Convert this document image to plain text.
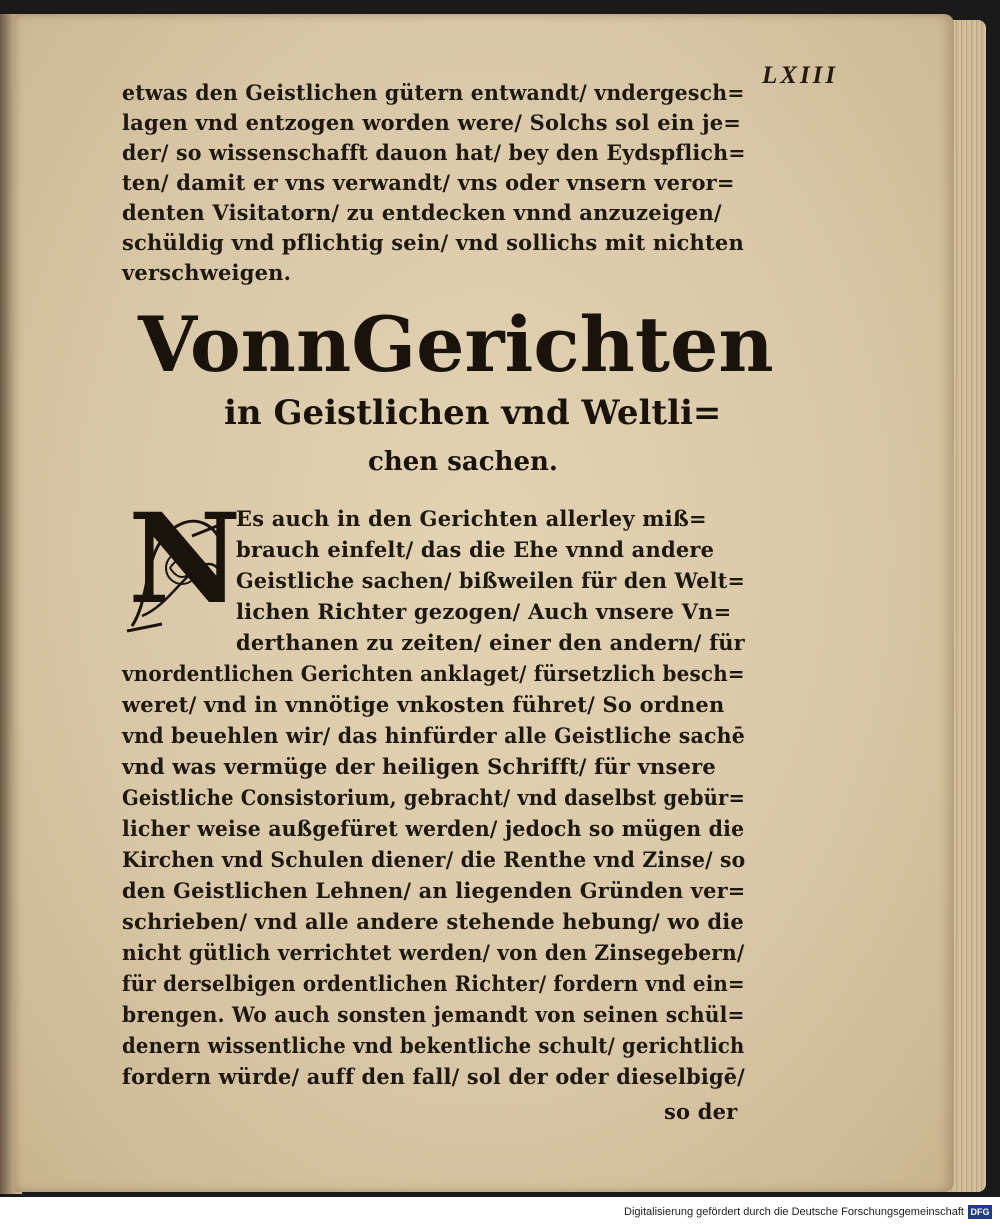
LXIII
etwas den Geistlichen gütern entwandt/ vndergesch=
lagen vnd entzogen worden were/ Solchs sol ein je=
der/ so wissenschafft dauon hat/ bey den Eydspflich=
ten/ damit er vns verwandt/ vns oder vnsern veror=
denten Visitatorn/ zu entdecken vnnd anzuzeigen/
schüldig vnd pflichtig sein/ vnd sollichs mit nichten
verschweigen.
Vonn Gerichten
in Geistlichen vnd Weltli=
chen sachen.
N
Es auch in den Gerichten allerley miß=
brauch einfelt/ das die Ehe vnnd andere
Geistliche sachen/ bißweilen für den Welt=
lichen Richter gezogen/ Auch vnsere Vn=
derthanen zu zeiten/ einer den andern/ für
vnordentlichen Gerichten anklaget/ fürsetzlich besch=
weret/ vnd in vnnötige vnkosten führet/ So ordnen
vnd beuehlen wir/ das hinfürder alle Geistliche sachē
vnd was vermüge der heiligen Schrifft/ für vnsere
Geistliche Consistorium, gebracht/ vnd daselbst gebür=
licher weise außgefüret werden/ jedoch so mügen die
Kirchen vnd Schulen diener/ die Renthe vnd Zinse/ so
den Geistlichen Lehnen/ an liegenden Gründen ver=
schrieben/ vnd alle andere stehende hebung/ wo die
nicht gütlich verrichtet werden/ von den Zinsegebern/
für derselbigen ordentlichen Richter/ fordern vnd ein=
brengen. Wo auch sonsten jemandt von seinen schül=
denern wissentliche vnd bekentliche schult/ gerichtlich
fordern würde/ auff den fall/ sol der oder dieselbigē/
so der
Digitalisierung gefördert durch die Deutsche Forschungsgemeinschaft DFG
